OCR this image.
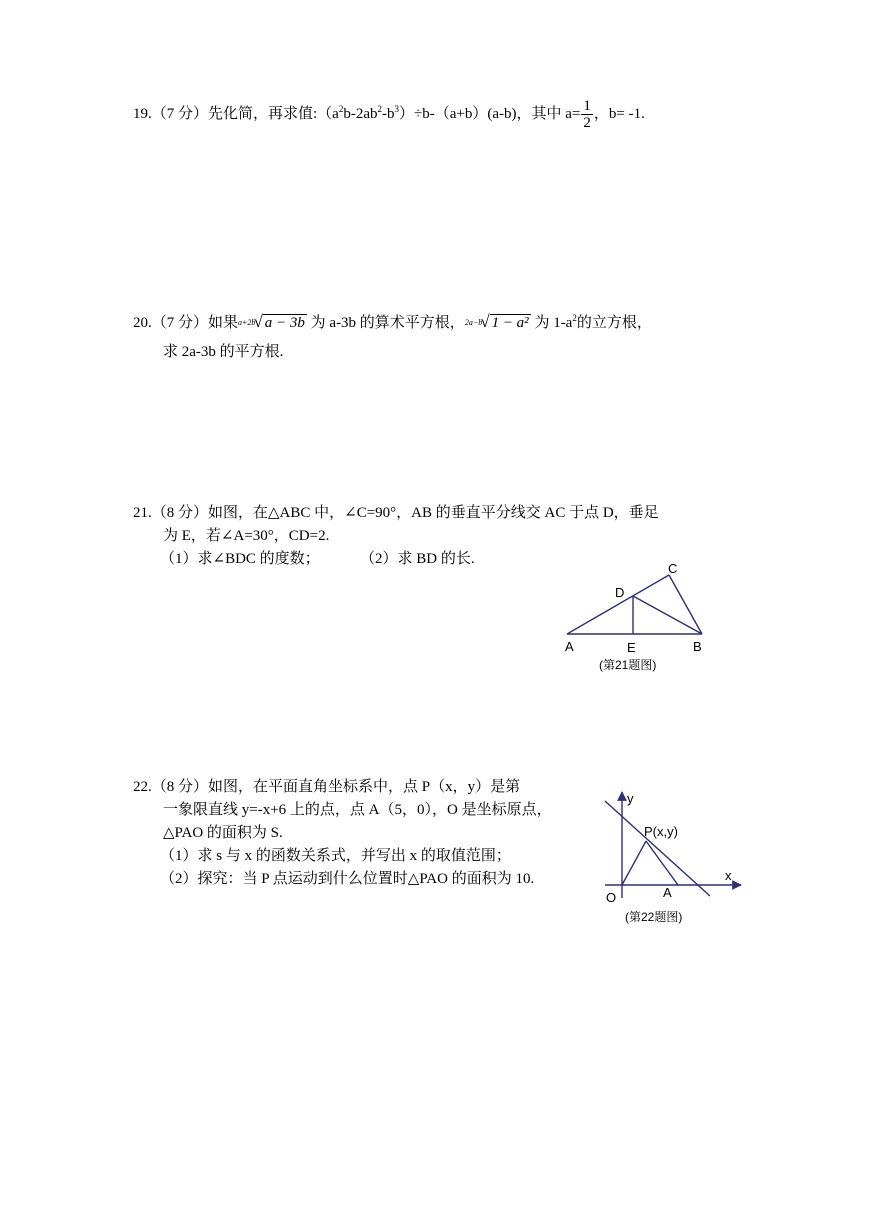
19.（7 分）先化简，再求值$:(a^2b-2ab^2-b^3)\div b-(a+b)(a-b)$，其中 $a= \frac{1}{2}$ ，b= -1.
20.（7 分）如果a+2b√ a − 3b 为 a-3b 的算术平方根，2a−b√ 1 − a² 为 $1-a^2$的立方根，
求 2a-3b 的平方根.
21.（8 分）如图，在△ABC 中，∠C=90°，AB 的垂直平分线交 AC 于点 D，垂足
为 E，若∠A=30°，CD=2.
（1）求∠BDC 的度数；	（2）求 BD 的长.
C
D
A	E	B
(第21题图)
22.（8 分）如图，在平面直角坐标系中，点 P（x，y）是第
一象限直线 y=-x+6 上的点，点 A（5，0），O 是坐标原点，
△PAO 的面积为 S.
（1）求 s 与 x 的函数关系式，并写出 x 的取值范围；
（2）探究：当 P 点运动到什么位置时△PAO 的面积为 10.
y
x
P(x,y)
O	A
(第22题图)
